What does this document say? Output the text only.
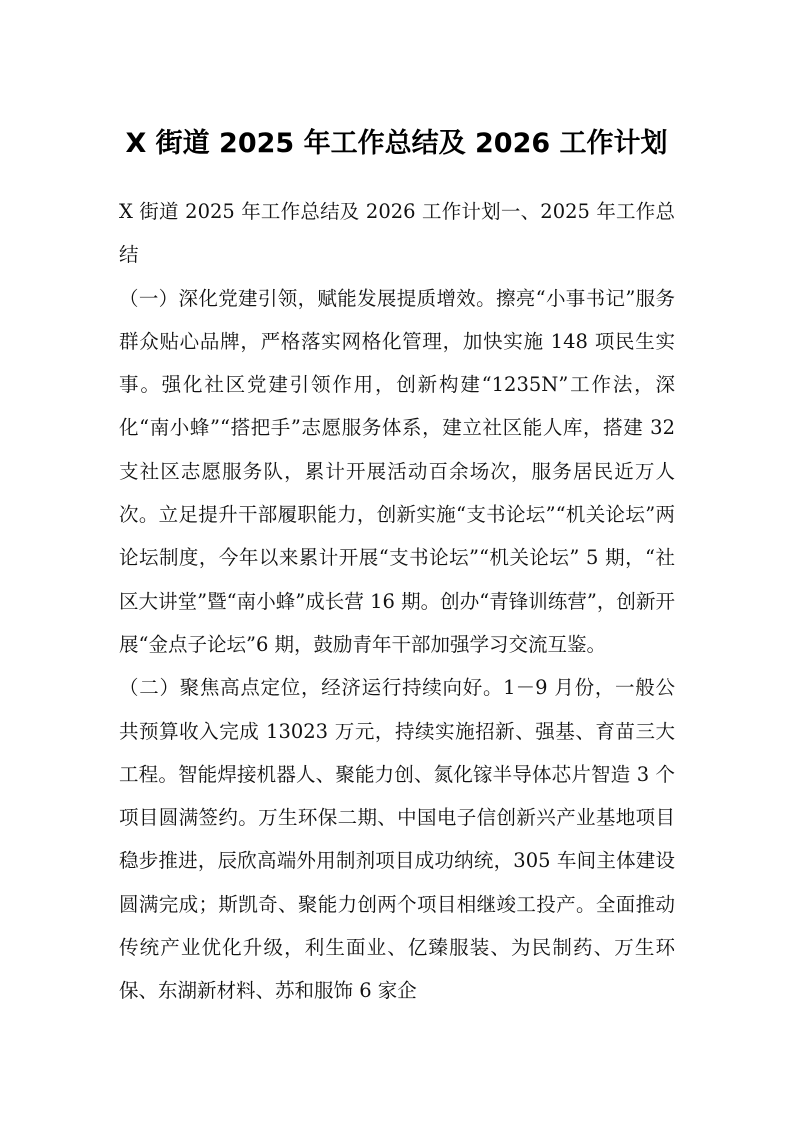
X 街道 2025 年工作总结及 2026 工作计划

X 街道 2025 年工作总结及 2026 工作计划一、2025 年工作总结

（一）深化党建引领，赋能发展提质增效。擦亮“小事书记”服务群众贴心品牌，严格落实网格化管理，加快实施 148 项民生实事。强化社区党建引领作用，创新构建“1235N”工作法，深化“南小蜂”“搭把手”志愿服务体系，建立社区能人库，搭建 32 支社区志愿服务队，累计开展活动百余场次，服务居民近万人次。立足提升干部履职能力，创新实施“支书论坛”“机关论坛”两论坛制度，今年以来累计开展“支书论坛”“机关论坛” 5 期，“社区大讲堂”暨“南小蜂”成长营 16 期。创办“青锋训练营”，创新开展“金点子论坛”6 期，鼓励青年干部加强学习交流互鉴。

（二）聚焦高点定位，经济运行持续向好。1－9 月份，一般公共预算收入完成 13023 万元，持续实施招新、强基、育苗三大工程。智能焊接机器人、聚能力创、氮化镓半导体芯片智造 3 个项目圆满签约。万生环保二期、中国电子信创新兴产业基地项目稳步推进，辰欣高端外用制剂项目成功纳统，305 车间主体建设圆满完成；斯凯奇、聚能力创两个项目相继竣工投产。全面推动传统产业优化升级，利生面业、亿臻服装、为民制药、万生环保、东湖新材料、苏和服饰 6 家企
